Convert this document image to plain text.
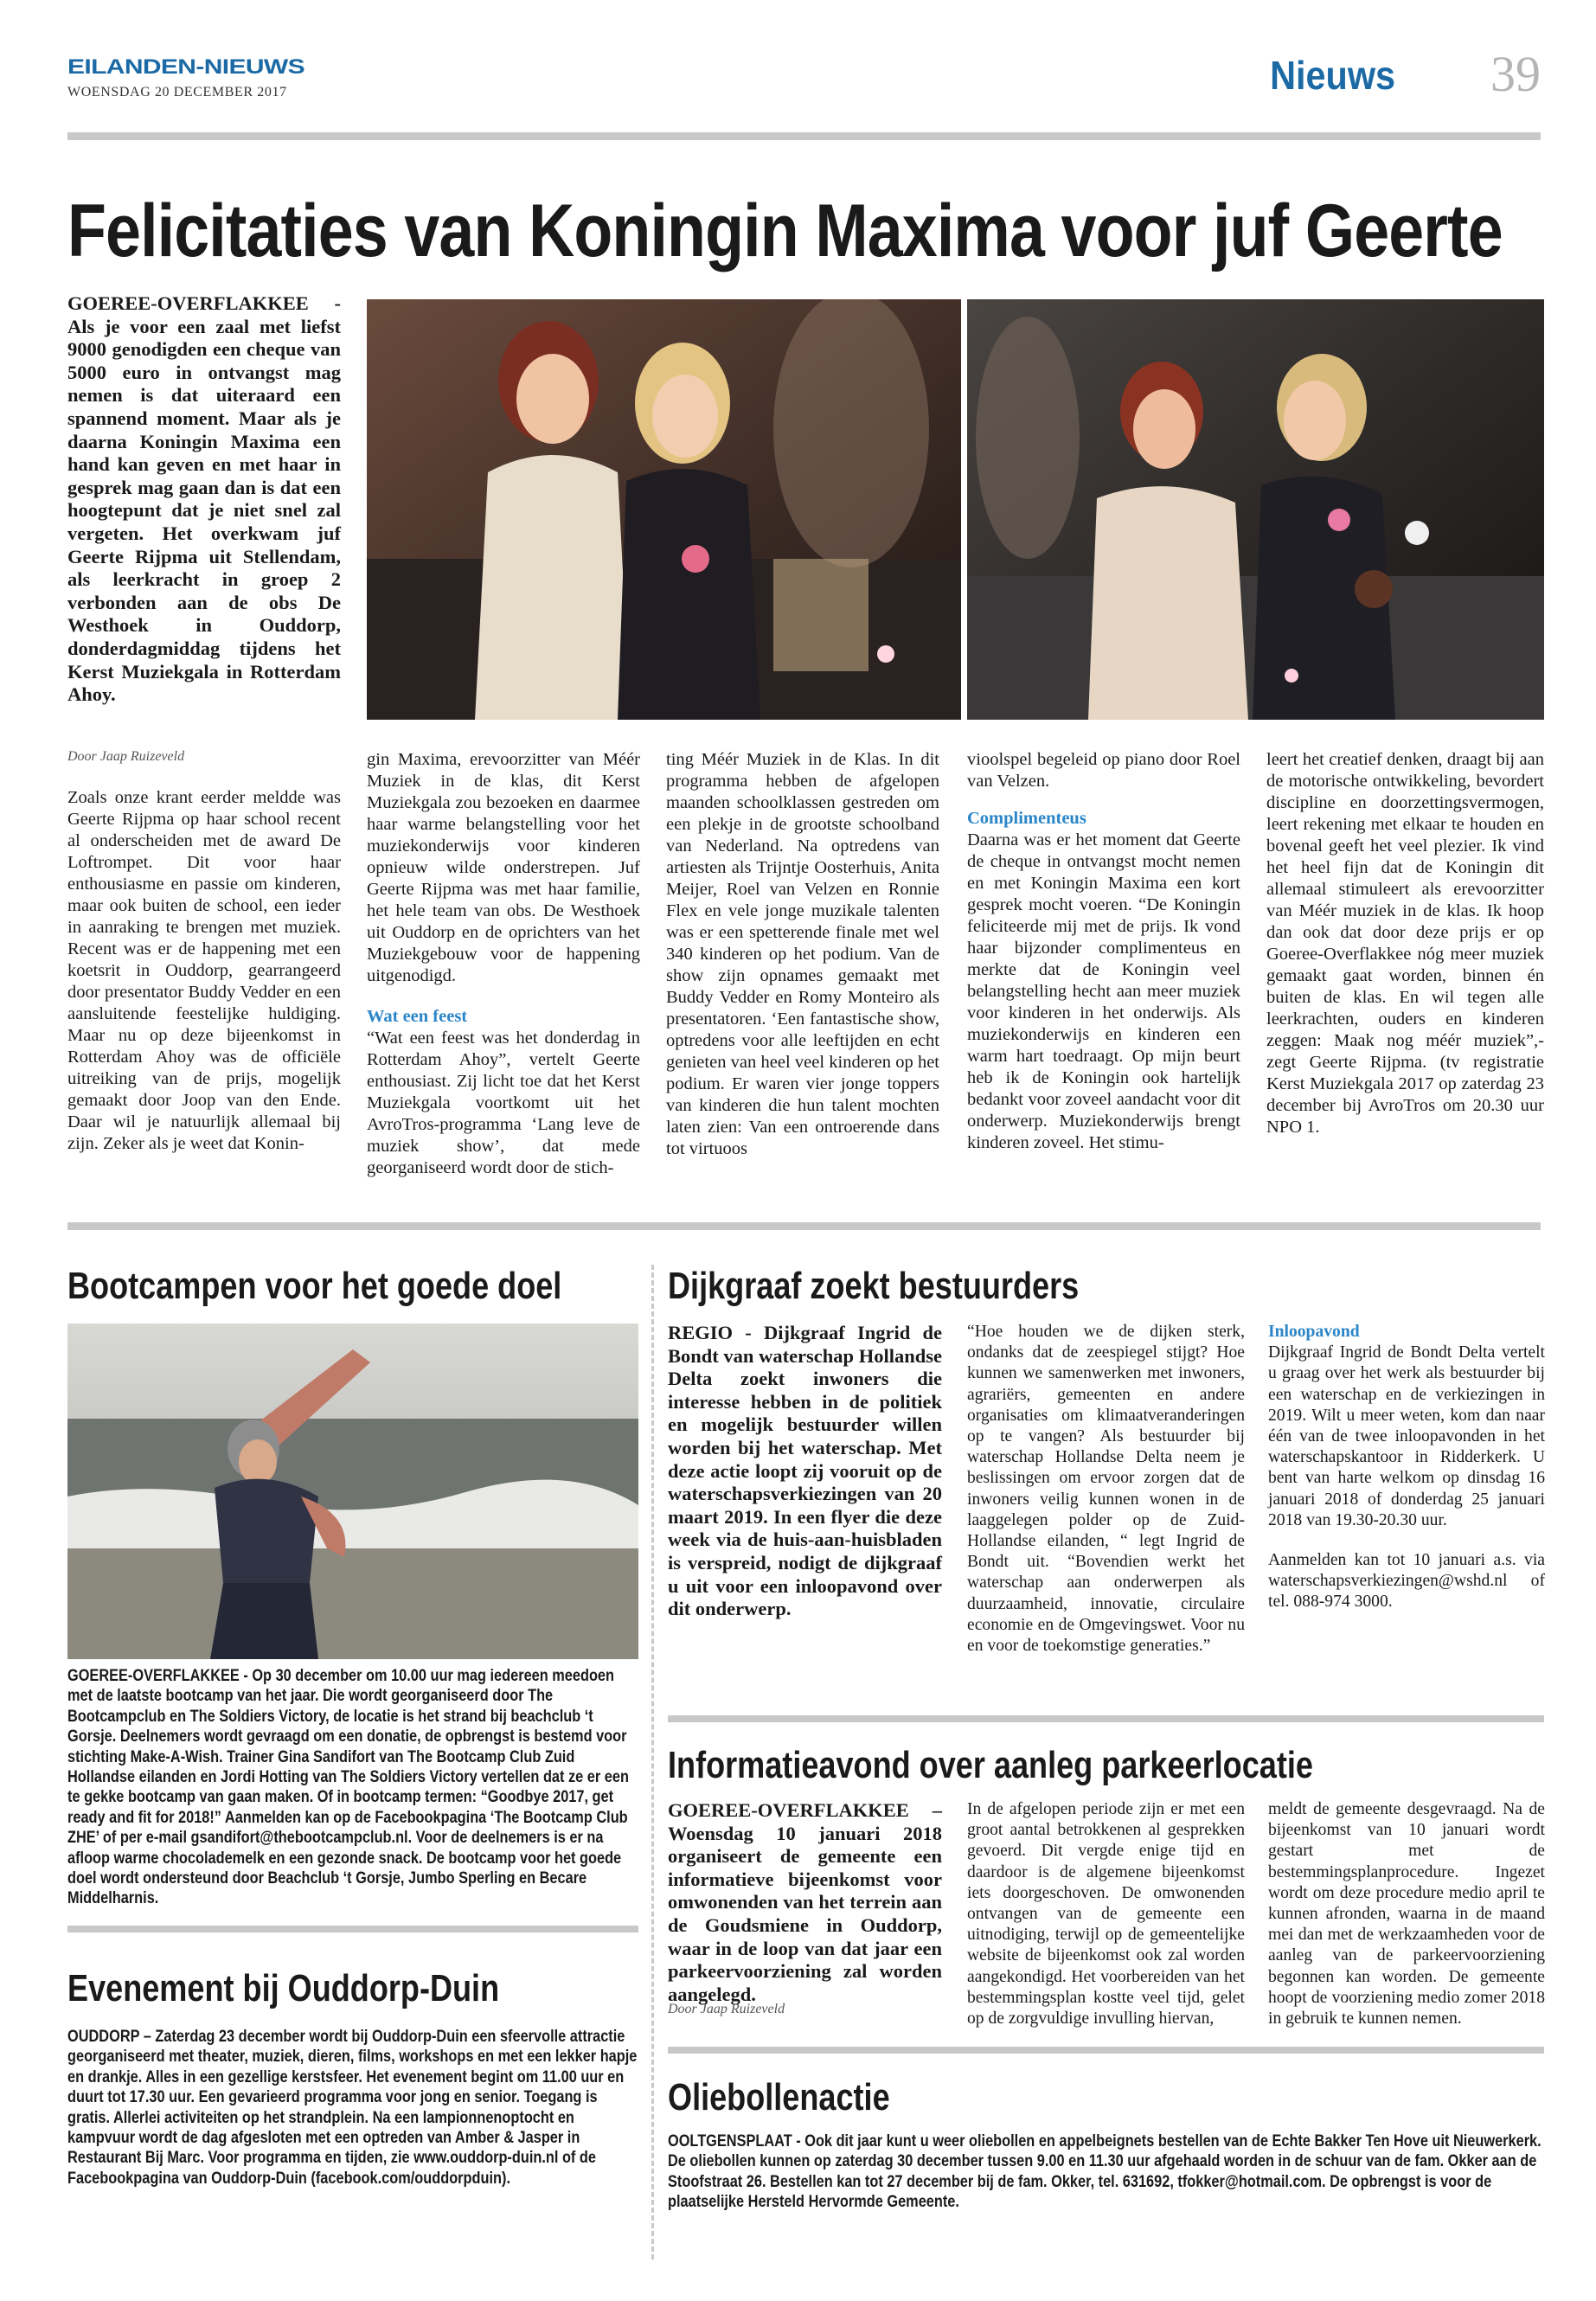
EILANDEN-NIEUWS
WOENSDAG 20 DECEMBER 2017	Nieuws 39
Felicitaties van Koningin Maxima voor juf Geerte
GOEREE-OVERFLAKKEE - Als je voor een zaal met liefst 9000 genodigden een cheque van 5000 euro in ontvangst mag nemen is dat uiteraard een spannend moment. Maar als je daarna Koningin Maxima een hand kan geven en met haar in gesprek mag gaan dan is dat een hoogtepunt dat je niet snel zal vergeten. Het overkwam juf Geerte Rijpma uit Stellendam, als leerkracht in groep 2 verbonden aan de obs De Westhoek in Ouddorp, donderdagmiddag tijdens het Kerst Muziekgala in Rotterdam Ahoy.
Door Jaap Ruizeveld
Zoals onze krant eerder meldde was Geerte Rijpma op haar school recent al onderscheiden met de award De Loftrompet. Dit voor haar enthousiasme en passie om kinderen, maar ook buiten de school, een ieder in aanraking te brengen met muziek. Recent was er de happening met een koetsrit in Ouddorp, gearrangeerd door presentator Buddy Vedder en een aansluitende feestelijke huldiging. Maar nu op deze bijeenkomst in Rotterdam Ahoy was de officiële uitreiking van de prijs, mogelijk gemaakt door Joop van den Ende. Daar wil je natuurlijk allemaal bij zijn. Zeker als je weet dat Konin-
gin Maxima, erevoorzitter van Méér Muziek in de klas, dit Kerst Muziekgala zou bezoeken en daarmee haar warme belangstelling voor het muziekonderwijs voor kinderen opnieuw wilde onderstrepen. Juf Geerte Rijpma was met haar familie, het hele team van obs. De Westhoek uit Ouddorp en de oprichters van het Muziekgebouw voor de happening uitgenodigd.
Wat een feest
“Wat een feest was het donderdag in Rotterdam Ahoy”, vertelt Geerte enthousiast. Zij licht toe dat het Kerst Muziekgala voortkomt uit het AvroTros-programma ‘Lang leve de muziek show’, dat mede georganiseerd wordt door de stich-
ting Méér Muziek in de Klas. In dit programma hebben de afgelopen maanden schoolklassen gestreden om een plekje in de grootste schoolband van Nederland. Na optredens van artiesten als Trijntje Oosterhuis, Anita Meijer, Roel van Velzen en Ronnie Flex en vele jonge muzikale talenten was er een spetterende finale met wel 340 kinderen op het podium. Van de show zijn opnames gemaakt met Buddy Vedder en Romy Monteiro als presentatoren. ‘Een fantastische show, optredens voor alle leeftijden en echt genieten van heel veel kinderen op het podium. Er waren vier jonge toppers van kinderen die hun talent mochten laten zien: Van een ontroerende dans tot virtuoos
vioolspel begeleid op piano door Roel van Velzen.
Complimenteus
Daarna was er het moment dat Geerte de cheque in ontvangst mocht nemen en met Koningin Maxima een kort gesprek mocht voeren. “De Koningin feliciteerde mij met de prijs. Ik vond haar bijzonder complimenteus en merkte dat de Koningin veel belangstelling hecht aan meer muziek voor kinderen in het onderwijs. Als muziekonderwijs en kinderen een warm hart toedraagt. Op mijn beurt heb ik de Koningin ook hartelijk bedankt voor zoveel aandacht voor dit onderwerp. Muziekonderwijs brengt kinderen zoveel. Het stimu-
leert het creatief denken, draagt bij aan de motorische ontwikkeling, bevordert discipline en doorzettingsvermogen, leert rekening met elkaar te houden en bovenal geeft het veel plezier. Ik vind het heel fijn dat de Koningin dit allemaal stimuleert als erevoorzitter van Méér muziek in de klas. Ik hoop dan ook dat door deze prijs er op Goeree-Overflakkee nóg meer muziek gemaakt gaat worden, binnen én buiten de klas. En wil tegen alle leerkrachten, ouders en kinderen zeggen: Maak nog méér muziek”,- zegt Geerte Rijpma. (tv registratie Kerst Muziekgala 2017 op zaterdag 23 december bij AvroTros om 20.30 uur NPO 1.
Bootcampen voor het goede doel
GOEREE-OVERFLAKKEE - Op 30 december om 10.00 uur mag iedereen meedoen met de laatste bootcamp van het jaar. Die wordt georganiseerd door The Bootcampclub en The Soldiers Victory, de locatie is het strand bij beachclub ‘t Gorsje. Deelnemers wordt gevraagd om een donatie, de opbrengst is bestemd voor stichting Make-A-Wish. Trainer Gina Sandifort van The Bootcamp Club Zuid Hollandse eilanden en Jordi Hotting van The Soldiers Victory vertellen dat ze er een te gekke bootcamp van gaan maken. Of in bootcamp termen: “Goodbye 2017, get ready and fit for 2018!” Aanmelden kan op de Facebookpagina ‘The Bootcamp Club ZHE’ of per e-mail gsandifort@thebootcampclub.nl. Voor de deelnemers is er na afloop warme chocolademelk en een gezonde snack. De bootcamp voor het goede doel wordt ondersteund door Beachclub ‘t Gorsje, Jumbo Sperling en Becare Middelharnis.
Evenement bij Ouddorp-Duin
OUDDORP – Zaterdag 23 december wordt bij Ouddorp-Duin een sfeervolle attractie georganiseerd met theater, muziek, dieren, films, workshops en met een lekker hapje en drankje. Alles in een gezellige kerstsfeer. Het evenement begint om 11.00 uur en duurt tot 17.30 uur. Een gevarieerd programma voor jong en senior. Toegang is gratis. Allerlei activiteiten op het strandplein. Na een lampionnenoptocht en kampvuur wordt de dag afgesloten met een optreden van Amber & Jasper in Restaurant Bij Marc. Voor programma en tijden, zie www.ouddorp-duin.nl of de Facebookpagina van Ouddorp-Duin (facebook.com/ouddorpduin).
Dijkgraaf zoekt bestuurders
REGIO - Dijkgraaf Ingrid de Bondt van waterschap Hollandse Delta zoekt inwoners die interesse hebben in de politiek en mogelijk bestuurder willen worden bij het waterschap. Met deze actie loopt zij vooruit op de waterschapsverkiezingen van 20 maart 2019. In een flyer die deze week via de huis-aan-huisbladen is verspreid, nodigt de dijkgraaf u uit voor een inloopavond over dit onderwerp.
“Hoe houden we de dijken sterk, ondanks dat de zeespiegel stijgt? Hoe kunnen we samenwerken met inwoners, agrariërs, gemeenten en andere organisaties om klimaatveranderingen op te vangen? Als bestuurder bij waterschap Hollandse Delta neem je beslissingen om ervoor zorgen dat de inwoners veilig kunnen wonen in de laaggelegen polder op de Zuid-Hollandse eilanden, “ legt Ingrid de Bondt uit. “Bovendien werkt het waterschap aan onderwerpen als duurzaamheid, innovatie, circulaire economie en de Omgevingswet. Voor nu en voor de toekomstige generaties.”
Inloopavond
Dijkgraaf Ingrid de Bondt Delta vertelt u graag over het werk als bestuurder bij een waterschap en de verkiezingen in 2019. Wilt u meer weten, kom dan naar één van de twee inloopavonden in het waterschapskantoor in Ridderkerk. U bent van harte welkom op dinsdag 16 januari 2018 of donderdag 25 januari 2018 van 19.30-20.30 uur.
Aanmelden kan tot 10 januari a.s. via waterschapsverkiezingen@wshd.nl of tel. 088-974 3000.
Informatieavond over aanleg parkeerlocatie
GOEREE-OVERFLAKKEE – Woensdag 10 januari 2018 organiseert de gemeente een informatieve bijeenkomst voor omwonenden van het terrein aan de Goudsmiene in Ouddorp, waar in de loop van dat jaar een parkeervoorziening zal worden aangelegd.
Door Jaap Ruizeveld
In de afgelopen periode zijn er met een groot aantal betrokkenen al gesprekken gevoerd. Dit vergde enige tijd en daardoor is de algemene bijeenkomst iets doorgeschoven. De omwonenden ontvangen van de gemeente een uitnodiging, terwijl op de gemeentelijke website de bijeenkomst ook zal worden aangekondigd. Het voorbereiden van het bestemmingsplan kostte veel tijd, gelet op de zorgvuldige invulling hiervan,
meldt de gemeente desgevraagd. Na de bijeenkomst van 10 januari wordt gestart met de bestemmingsplanprocedure. Ingezet wordt om deze procedure medio april te kunnen afronden, waarna in de maand mei dan met de werkzaamheden voor de aanleg van de parkeervoorziening begonnen kan worden. De gemeente hoopt de voorziening medio zomer 2018 in gebruik te kunnen nemen.
Oliebollenactie
OOLTGENSPLAAT - Ook dit jaar kunt u weer oliebollen en appelbeignets bestellen van de Echte Bakker Ten Hove uit Nieuwerkerk. De oliebollen kunnen op zaterdag 30 december tussen 9.00 en 11.30 uur afgehaald worden in de schuur van de fam. Okker aan de Stoofstraat 26. Bestellen kan tot 27 december bij de fam. Okker, tel. 631692, tfokker@hotmail.com. De opbrengst is voor de plaatselijke Hersteld Hervormde Gemeente.
